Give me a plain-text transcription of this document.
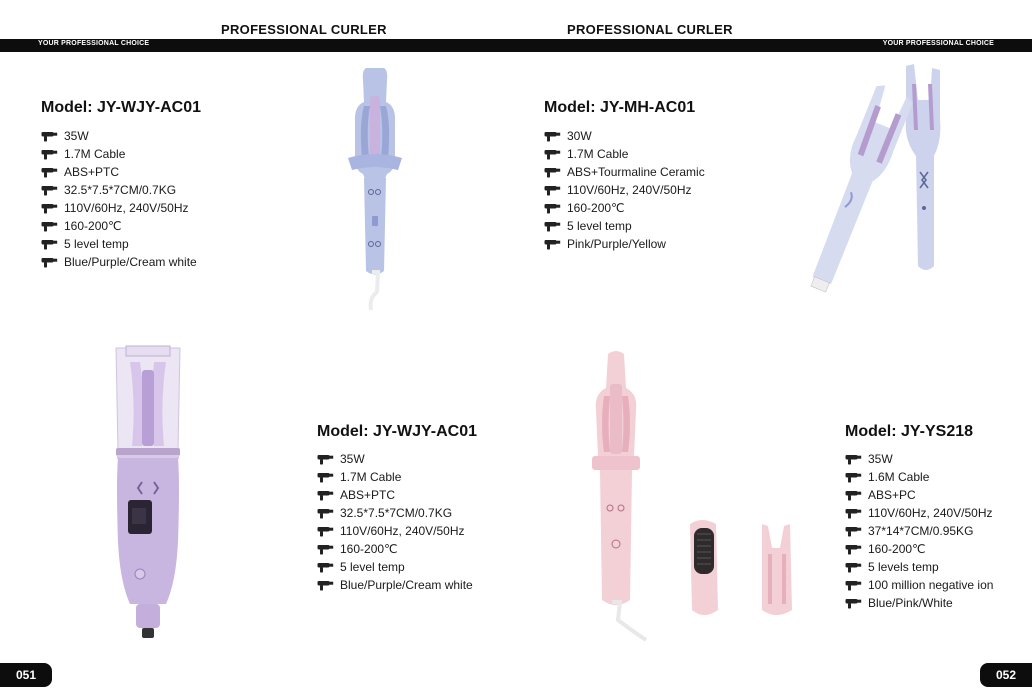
PROFESSIONAL CURLER
YOUR PROFESSIONAL CHOICE
Model: JY-WJY-AC01
35W
1.7M Cable
ABS+PTC
32.5*7.5*7CM/0.7KG
110V/60Hz, 240V/50Hz
160-200℃
5 level temp
Blue/Purple/Cream white
Model: JY-WJY-AC01
35W
1.7M Cable
ABS+PTC
32.5*7.5*7CM/0.7KG
110V/60Hz, 240V/50Hz
160-200℃
5 level temp
Blue/Purple/Cream white
051
PROFESSIONAL CURLER
YOUR PROFESSIONAL CHOICE
Model: JY-MH-AC01
30W
1.7M Cable
ABS+Tourmaline Ceramic
110V/60Hz, 240V/50Hz
160-200℃
5 level temp
Pink/Purple/Yellow
Model: JY-YS218
35W
1.6M Cable
ABS+PC
110V/60Hz, 240V/50Hz
37*14*7CM/0.95KG
160-200℃
5 levels temp
100 million negative ion
Blue/Pink/White
052
